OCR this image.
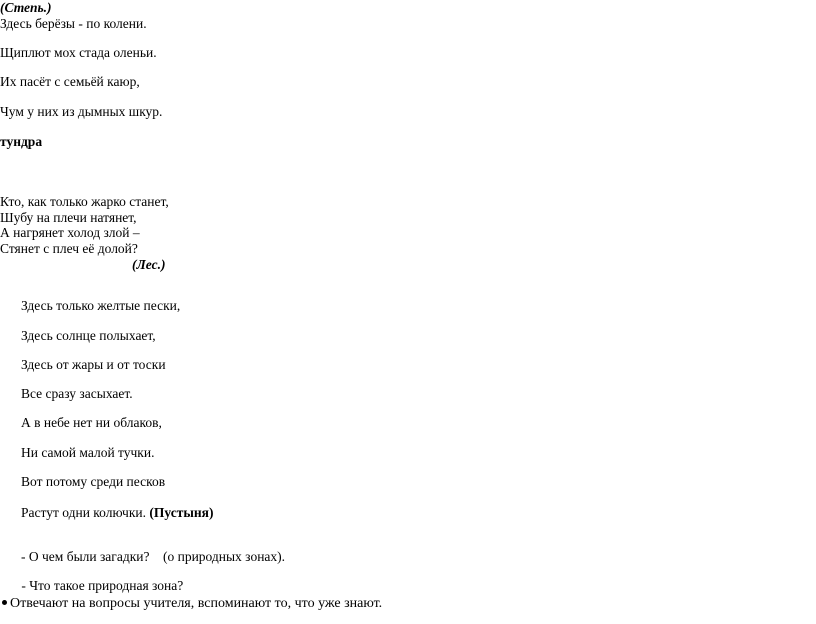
(Степь.)
Здесь берёзы - по колени.
Щиплют мох стада оленьи.
Их пасёт с семьёй каюр,
Чум у них из дымных шкур.
тундра
Кто, как только жарко станет,
Шубу на плечи натянет,
А нагрянет холод злой –
Стянет с плеч её долой?
(Лес.)
Здесь только желтые пески,
Здесь солнце полыхает,
Здесь от жары и от тоски
Все сразу засыхает.
А в небе нет ни облаков,
Ни самой малой тучки.
Вот потому среди песков
Растут одни колючки. (Пустыня)
- О чем были загадки?    (о природных зонах).
- Что такое природная зона?
Отвечают на вопросы учителя, вспоминают то, что уже знают.
